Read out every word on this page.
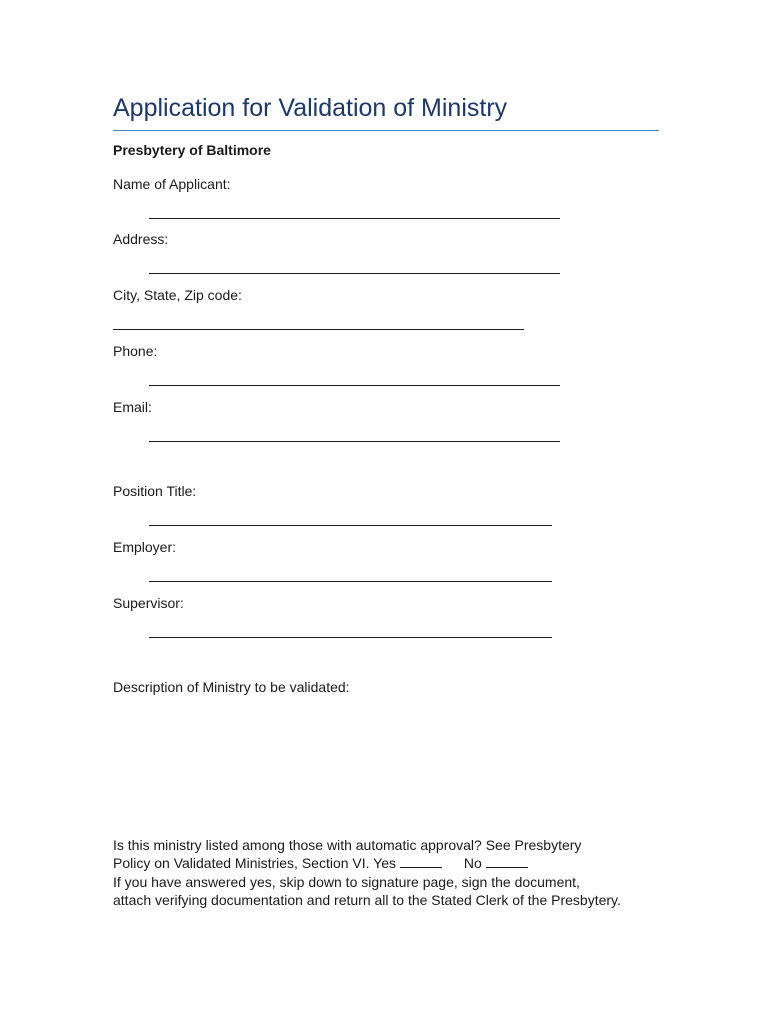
Application for Validation of Ministry
Presbytery of Baltimore
Name of Applicant:
Address:
City, State, Zip code:
Phone:
Email:
Position Title:
Employer:
Supervisor:
Description of Ministry to be validated:
Is this ministry listed among those with automatic approval? See Presbytery
Policy on Validated Ministries, Section VI. Yes	No
If you have answered yes, skip down to signature page, sign the document,
attach verifying documentation and return all to the Stated Clerk of the Presbytery.
